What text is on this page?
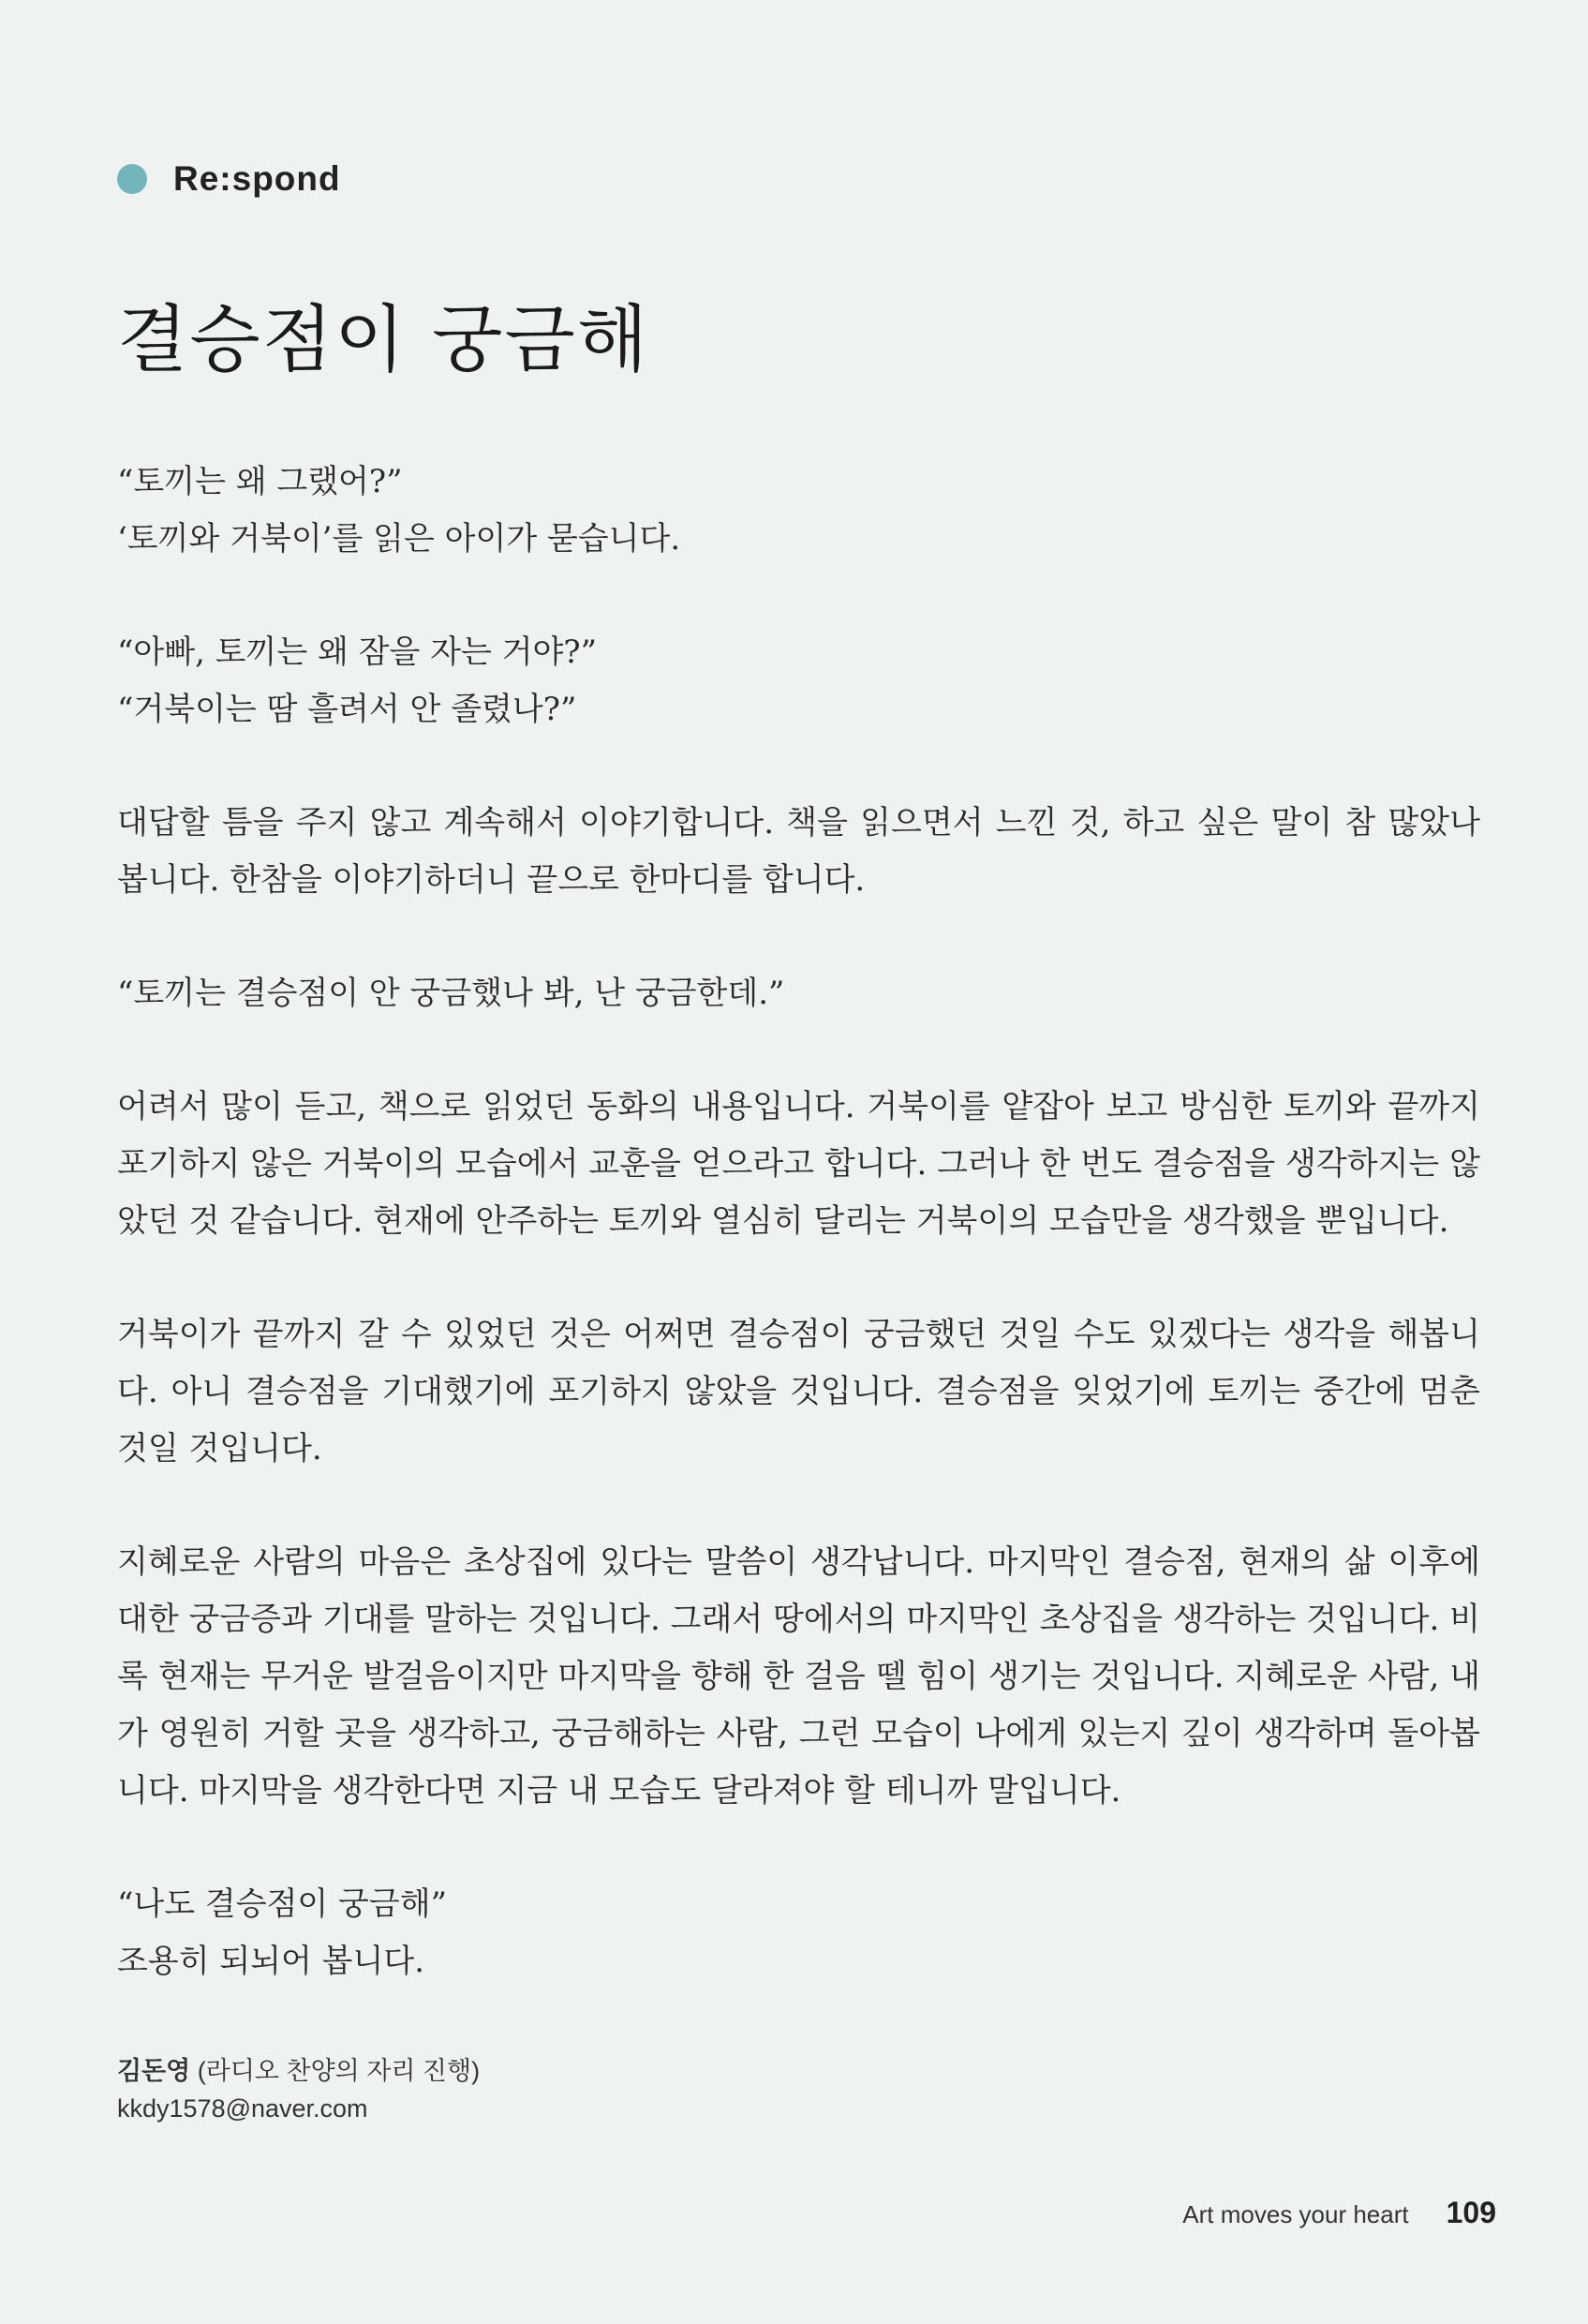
Re:spond
결승점이 궁금해

“토끼는 왜 그랬어?”
‘토끼와 거북이’를 읽은 아이가 묻습니다.

“아빠, 토끼는 왜 잠을 자는 거야?”
“거북이는 땀 흘려서 안 졸렸나?”

대답할 틈을 주지 않고 계속해서 이야기합니다. 책을 읽으면서 느낀 것, 하고 싶은 말이 참 많았나 봅니다. 한참을 이야기하더니 끝으로 한마디를 합니다.

“토끼는 결승점이 안 궁금했나 봐, 난 궁금한데.”

어려서 많이 듣고, 책으로 읽었던 동화의 내용입니다. 거북이를 얕잡아 보고 방심한 토끼와 끝까지 포기하지 않은 거북이의 모습에서 교훈을 얻으라고 합니다. 그러나 한 번도 결승점을 생각하지는 않았던 것 같습니다. 현재에 안주하는 토끼와 열심히 달리는 거북이의 모습만을 생각했을 뿐입니다.

거북이가 끝까지 갈 수 있었던 것은 어쩌면 결승점이 궁금했던 것일 수도 있겠다는 생각을 해봅니다. 아니 결승점을 기대했기에 포기하지 않았을 것입니다. 결승점을 잊었기에 토끼는 중간에 멈춘 것일 것입니다.

지혜로운 사람의 마음은 초상집에 있다는 말씀이 생각납니다. 마지막인 결승점, 현재의 삶 이후에 대한 궁금증과 기대를 말하는 것입니다. 그래서 땅에서의 마지막인 초상집을 생각하는 것입니다. 비록 현재는 무거운 발걸음이지만 마지막을 향해 한 걸음 뗄 힘이 생기는 것입니다. 지혜로운 사람, 내가 영원히 거할 곳을 생각하고, 궁금해하는 사람, 그런 모습이 나에게 있는지 깊이 생각하며 돌아봅니다. 마지막을 생각한다면 지금 내 모습도 달라져야 할 테니까 말입니다.

“나도 결승점이 궁금해”
조용히 되뇌어 봅니다.

김돈영 (라디오 찬양의 자리 진행)
kkdy1578@naver.com
Art moves your heart 109
